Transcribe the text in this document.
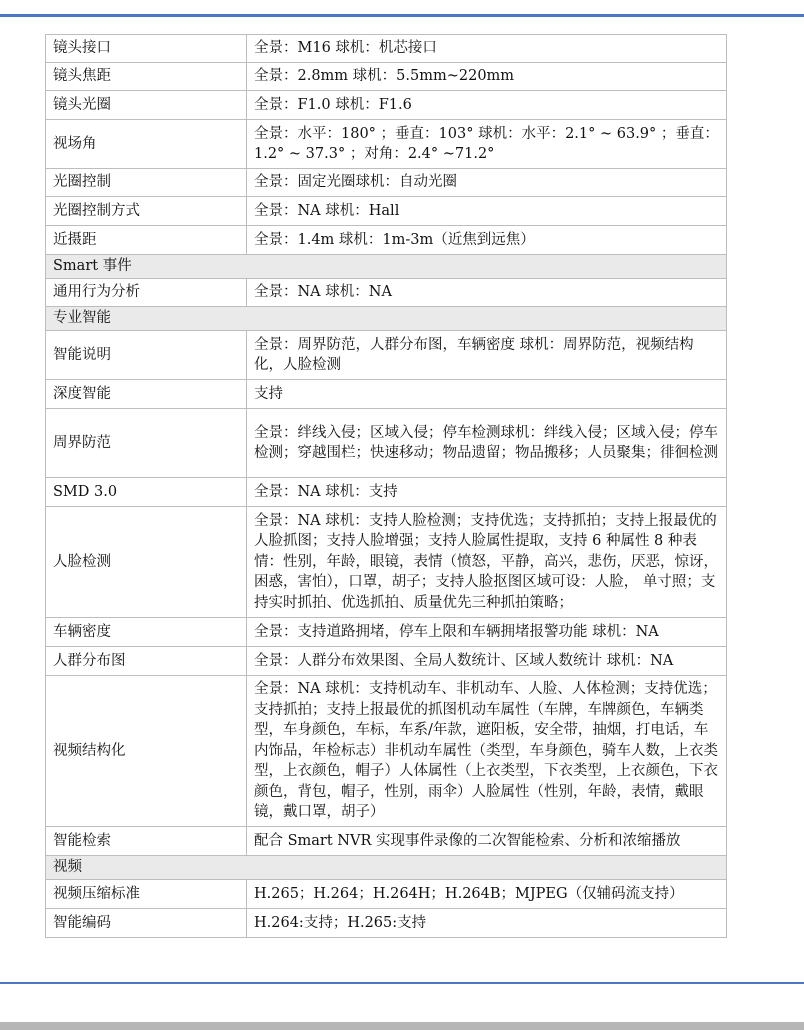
镜头接口	全景：M16 球机：机芯接口
镜头焦距	全景：2.8mm 球机：5.5mm~220mm
镜头光圈	全景：F1.0 球机：F1.6
视场角	全景：水平：180° ；垂直：103° 球机：水平：2.1° ~ 63.9° ；垂直：1.2° ~ 37.3° ；对角：2.4° ~71.2°
光圈控制	全景：固定光圈球机：自动光圈
光圈控制方式	全景：NA 球机：Hall
近摄距	全景：1.4m 球机：1m-3m（近焦到远焦）
Smart 事件	
通用行为分析	全景：NA 球机：NA
专业智能	
智能说明	全景：周界防范，人群分布图，车辆密度 球机：周界防范，视频结构化，人脸检测
深度智能	支持
周界防范	全景：绊线入侵；区域入侵；停车检测球机：绊线入侵；区域入侵；停车检测；穿越围栏；快速移动；物品遗留；物品搬移；人员聚集；徘徊检测
SMD 3.0	全景：NA 球机：支持
人脸检测	全景：NA 球机：支持人脸检测；支持优选；支持抓拍；支持上报最优的人脸抓图；支持人脸增强；支持人脸属性提取，支持 6 种属性 8 种表情：性别，年龄，眼镜，表情（愤怒，平静，高兴，悲伤，厌恶，惊讶，困惑，害怕），口罩，胡子；支持人脸抠图区域可设：人脸， 单寸照；支持实时抓拍、优选抓拍、质量优先三种抓拍策略；
车辆密度	全景：支持道路拥堵，停车上限和车辆拥堵报警功能 球机：NA
人群分布图	全景：人群分布效果图、全局人数统计、区域人数统计 球机：NA
视频结构化	全景：NA 球机：支持机动车、非机动车、人脸、人体检测；支持优选；支持抓拍；支持上报最优的抓图机动车属性（车牌，车牌颜色，车辆类型，车身颜色，车标，车系/年款，遮阳板，安全带，抽烟，打电话，车内饰品，年检标志）非机动车属性（类型，车身颜色，骑车人数，上衣类型，上衣颜色，帽子）人体属性（上衣类型，下衣类型，上衣颜色，下衣颜色，背包，帽子，性别，雨伞）人脸属性（性别，年龄，表情，戴眼镜，戴口罩，胡子）
智能检索	配合 Smart NVR 实现事件录像的二次智能检索、分析和浓缩播放
视频	
视频压缩标准	H.265；H.264；H.264H；H.264B；MJPEG（仅辅码流支持）
智能编码	H.264:支持；H.265:支持
